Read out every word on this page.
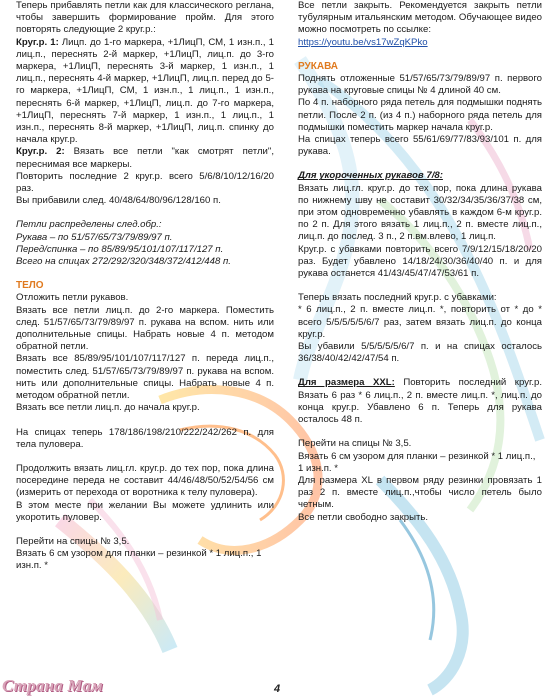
Теперь прибавлять петли как для классического реглана, чтобы завершить формирование пройм. Для этого повторять следующие 2 круг.р.:

Круг.р. 1: Лицп. до 1-го маркера, +1ЛицП, СМ, 1 изн.п., 1 лиц.п., переснять 2-й маркер, +1ЛицП, лиц.п. до 3-го маркера, +1ЛицП, переснять 3-й маркер, 1 изн.п., 1 лиц.п., переснять 4-й маркер, +1ЛицП, лиц.п. перед до 5-го маркера, +1ЛицП, СМ, 1 изн.п., 1 лиц.п., 1 изн.п., переснять 6-й маркер, +1ЛицП, лиц.п. до 7-го маркера, +1ЛицП, переснять 7-й маркер, 1 изн.п., 1 лиц.п., 1 изн.п., переснять 8-й маркер, +1ЛицП, лиц.п. спинку до начала круг.р.

Круг.р. 2: Вязать все петли "как смотрят петли", переснимая все маркеры.

Повторить последние 2 круг.р. всего 5/6/8/10/12/16/20 раз.

Вы прибавили след. 40/48/64/80/96/128/160 п.

Петли распределены след.обр.:

Рукава – по 51/57/65/73/79/89/97 п.

Перед/спинка – по 85/89/95/101/107/117/127 п.

Всего на спицах 272/292/320/348/372/412/448 п.

ТЕЛО

Отложить петли рукавов.

Вязать все петли лиц.п. до 2-го маркера. Поместить след. 51/57/65/73/79/89/97 п. рукава на вспом. нить или дополнительные спицы. Набрать новые 4 п. методом обратной петли.

Вязать все 85/89/95/101/107/117/127 п. переда лиц.п., поместить след. 51/57/65/73/79/89/97 п. рукава на вспом. нить или дополнительные спицы. Набрать новые 4 п. методом обратной петли.

Вязать все петли лиц.п. до начала круг.р.

На спицах теперь 178/186/198/210/222/242/262 п. для тела пуловера.

Продолжить вязать лиц.гл. круг.р. до тех пор, пока длина посередине переда не составит 44/46/48/50/52/54/56 см (измерить от перехода от воротника к телу пуловера).

В этом месте при желании Вы можете удлинить или укоротить пуловер.

Перейти на спицы № 3,5.

Вязать 6 см узором для планки – резинкой * 1 лиц.п., 1 изн.п. *

Все петли закрыть. Рекомендуется закрыть петли тубулярным итальянским методом. Обучающее видео можно посмотреть по ссылке:

https://youtu.be/vs17wZqKPko

РУКАВА

Поднять отложенные 51/57/65/73/79/89/97 п. первого рукава на круговые спицы № 4 длиной 40 см.

По 4 п. наборного ряда петель для подмышки поднять петли. После 2 п. (из 4 п.) наборного ряда петель для подмышки поместить маркер начала круг.р.

На спицах теперь всего 55/61/69/77/83/93/101 п. для рукава.

Для укороченных рукавов 7/8:

Вязать лиц.гл. круг.р. до тех пор, пока длина рукава по нижнему шву не составит 30/32/34/35/36/37/38 см, при этом одновременно убавлять в каждом 6-м круг.р. по 2 п. Для этого вязать 1 лиц.п., 2 п. вместе лиц.п., лиц.п. до послед. 3 п., 2 п.вм.влево, 1 лиц.п.

Круг.р. с убавками повторить всего 7/9/12/15/18/20/20 раз. Будет убавлено 14/18/24/30/36/40/40 п. и для рукава останется 41/43/45/47/47/53/61 п.

Теперь вязать последний круг.р. с убавками:

* 6 лиц.п., 2 п. вместе лиц.п. *, повторить от * до * всего 5/5/5/5/5/6/7 раз, затем вязать лиц.п. до конца круг.р.

Вы убавили 5/5/5/5/5/6/7 п. и на спицах осталось 36/38/40/42/42/47/54 п.

Для размера XXL: Повторить последний круг.р. Вязать 6 раз * 6 лиц.п., 2 п. вместе лиц.п. *, лиц.п. до конца круг.р. Убавлено 6 п. Теперь для рукава осталось 48 п.

Перейти на спицы № 3,5.

Вязать 6 см узором для планки – резинкой * 1 лиц.п., 1 изн.п. *

Для размера XL в первом ряду резинки провязать 1 раз 2 п. вместе лиц.п.,чтобы число петель было четным.

Все петли свободно закрыть.

Страна Мам	4
